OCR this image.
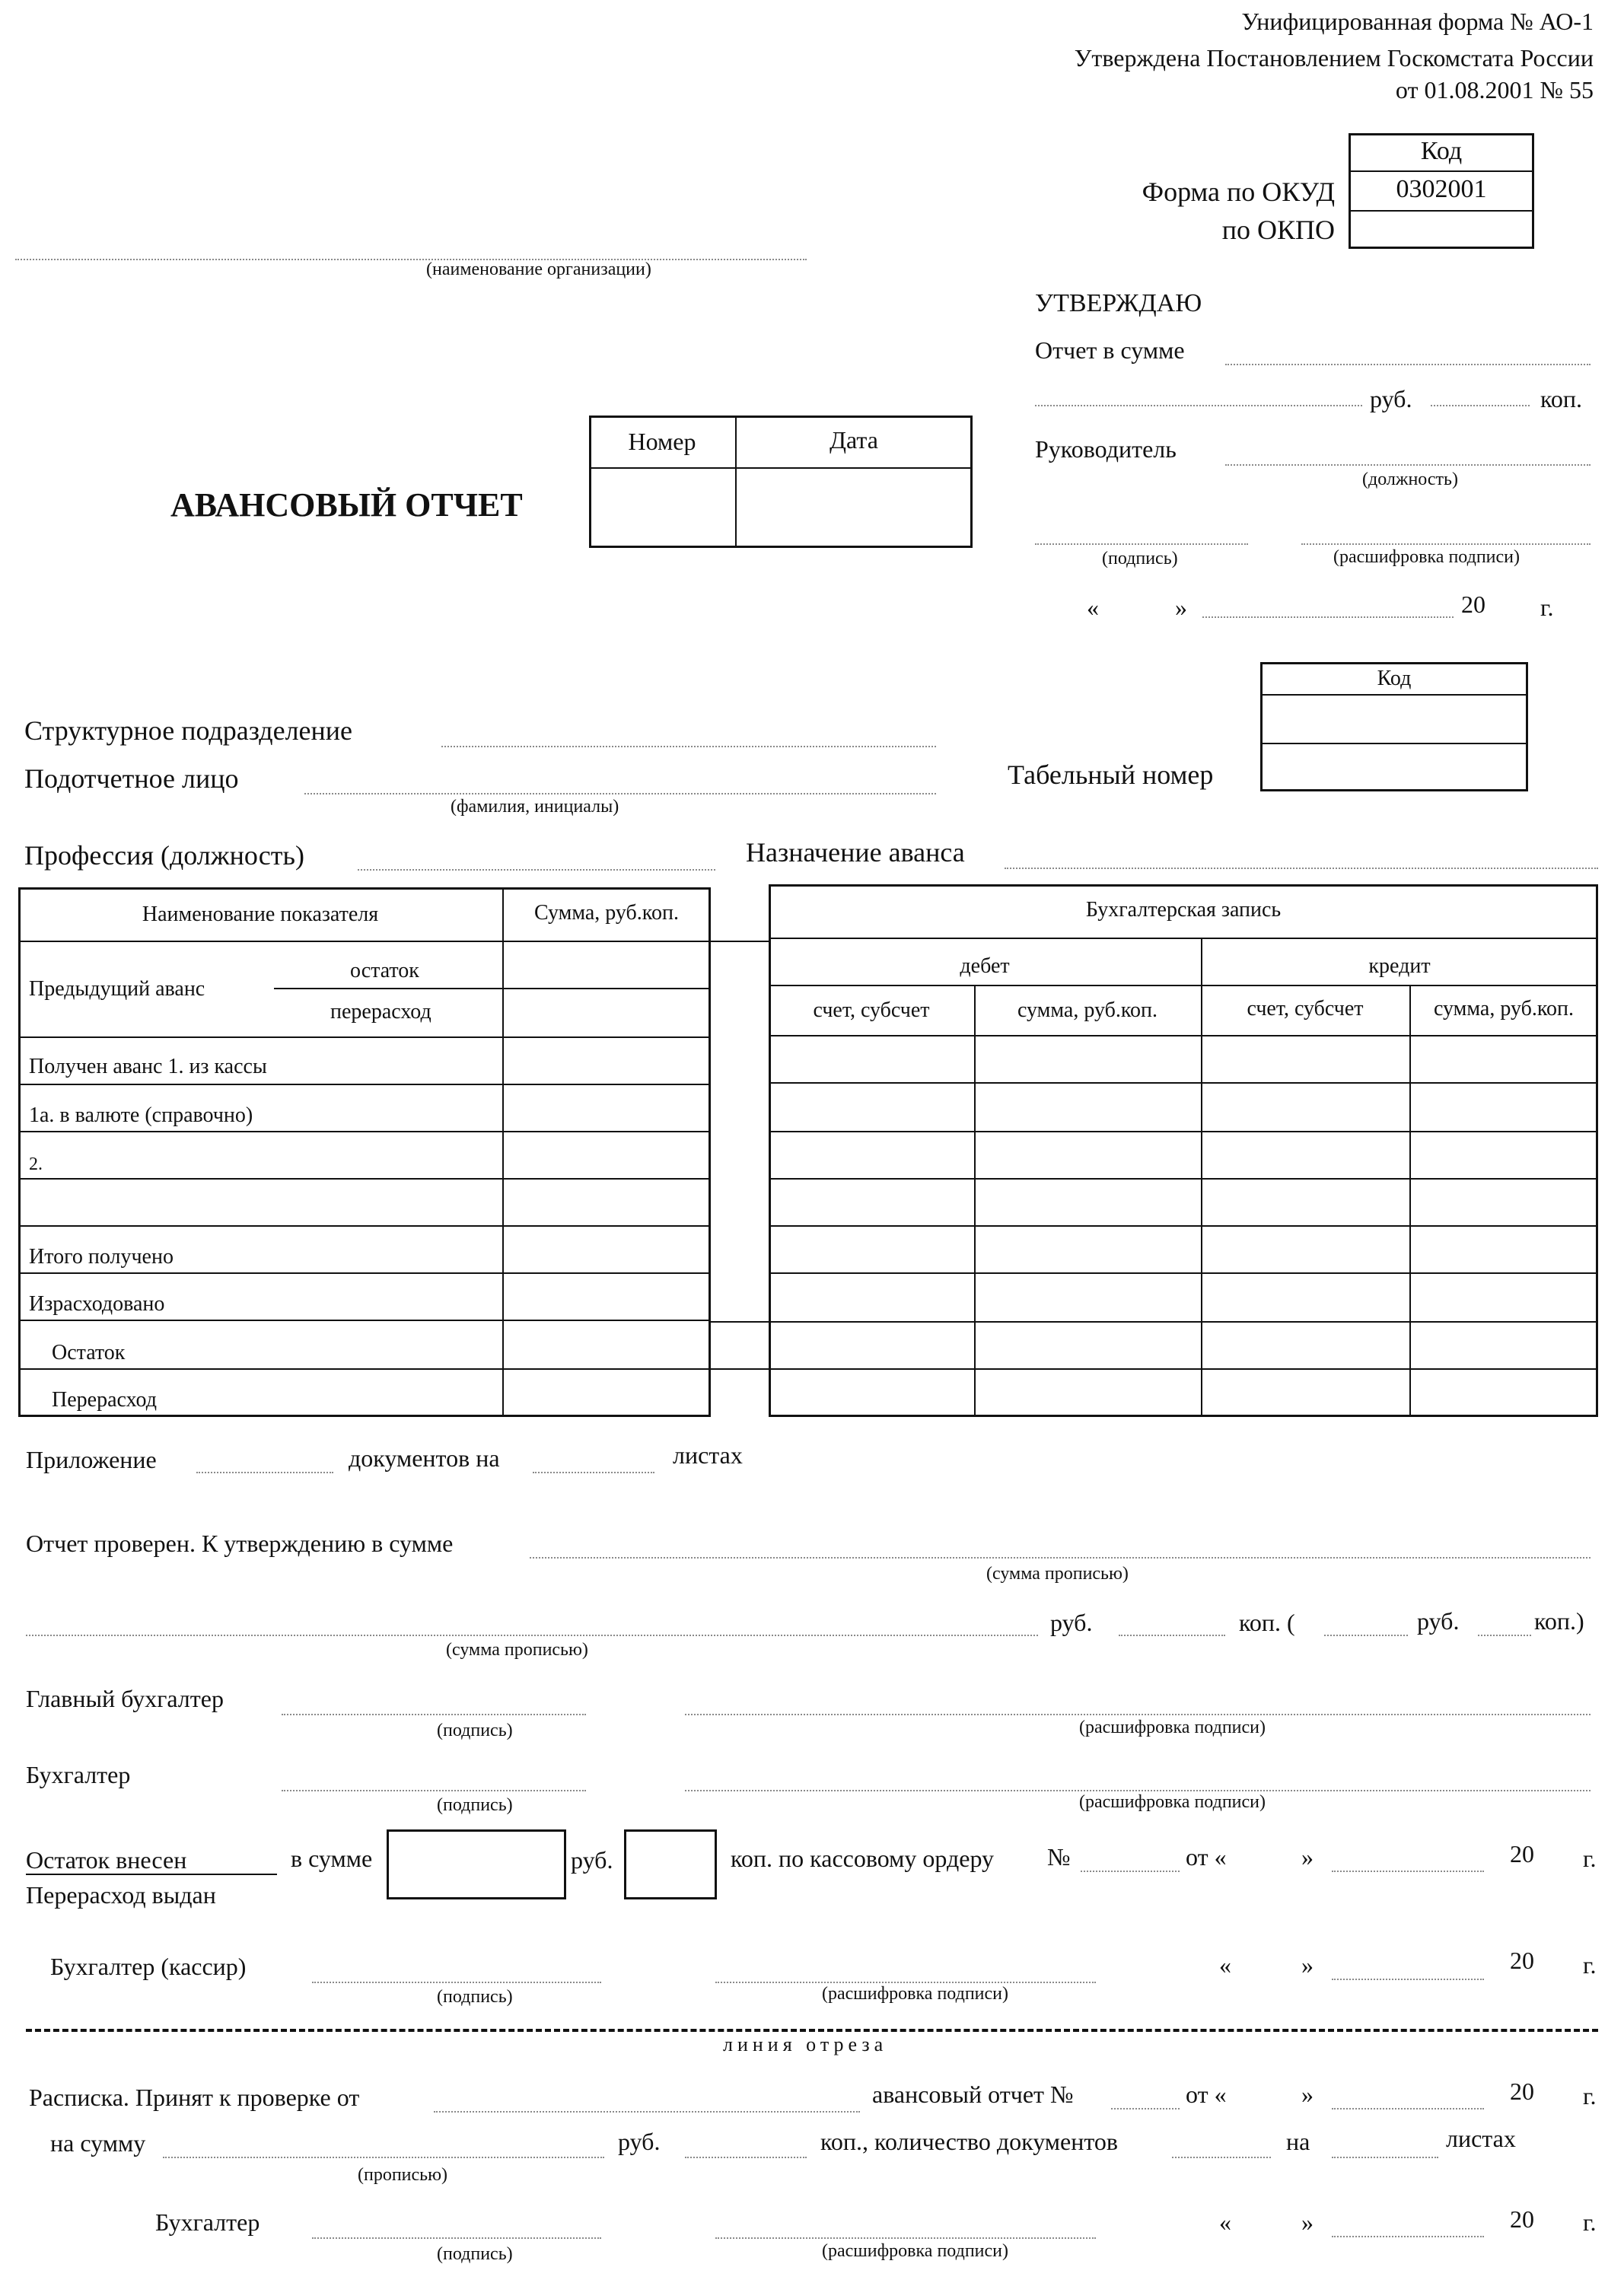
Унифицированная форма № АО-1
Утверждена Постановлением Госкомстата России
от 01.08.2001 № 55
Код
0302001
Форма по ОКУД
по ОКПО
(наименование организации)
УТВЕРЖДАЮ
Отчет в сумме
руб.	коп.
Руководитель
(должность)
(подпись)	(расшифровка подписи)
«	»	20 г.
АВАНСОВЫЙ ОТЧЕТ
Номер	Дата
Код
Структурное подразделение
Подотчетное лицо
(фамилия, инициалы)
Табельный номер
Профессия (должность)	Назначение аванса
Наименование показателя	Сумма, руб.коп.
Предыдущий аванс
остаток
перерасход
Получен аванс 1. из кассы
1а. в валюте (справочно)
2.
Итого получено
Израсходовано
Остаток
Перерасход
Бухгалтерская запись
дебет	кредит
счет, субсчет	сумма, руб.коп.	счет, субсчет	сумма, руб.коп.
Приложение	документов на	листах
Отчет проверен. К утверждению в сумме
(сумма прописью)
руб.	коп. (	руб.	коп.)
(сумма прописью)
Главный бухгалтер
(подпись)	(расшифровка подписи)
Бухгалтер
(подпись)	(расшифровка подписи)
Остаток внесен
Перерасход выдан
в сумме	руб.	коп. по кассовому ордеру №	от «	»	20 г.
Бухгалтер (кассир)
(подпись)	(расшифровка подписи)
«	»	20 г.
линия отреза
Расписка. Принят к проверке от	авансовый отчет №	от «	»	20 г.
на сумму	руб.	коп., количество документов	на	листах
(прописью)
Бухгалтер
(подпись)	(расшифровка подписи)
«	»	20 г.
